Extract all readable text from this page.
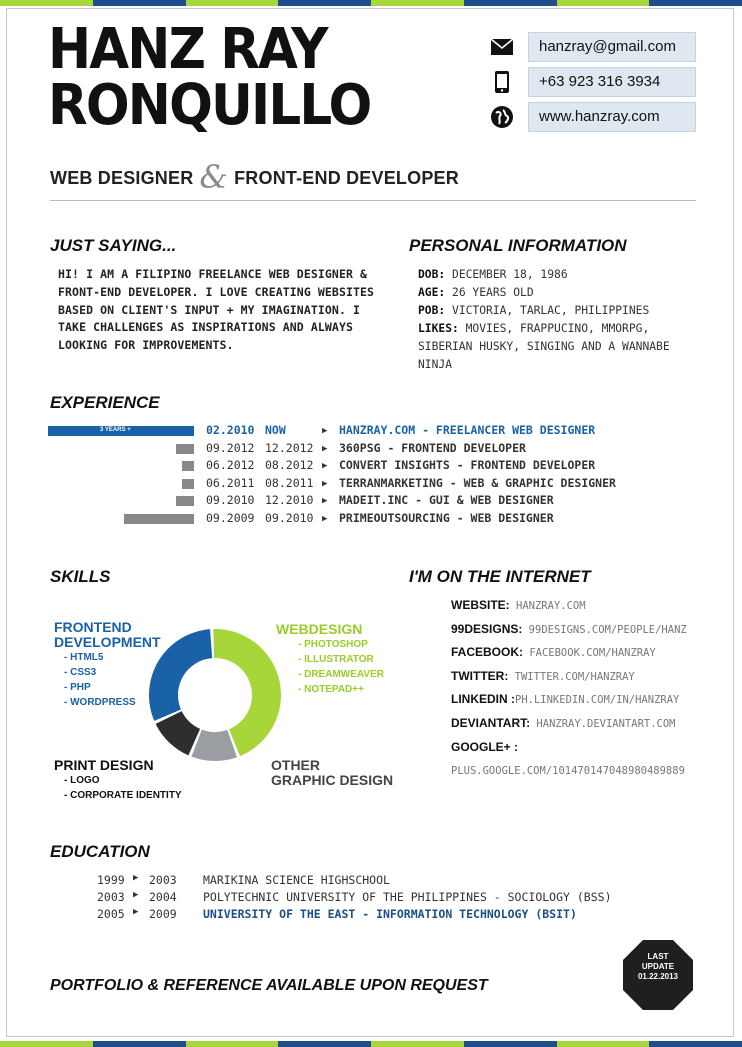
HANZ RAY
RONQUILLO
WEB DESIGNER & FRONT-END DEVELOPER
hanzray@gmail.com
+63 923 316 3934
www.hanzray.com
JUST SAYING...
HI! I AM A FILIPINO FREELANCE WEB DESIGNER &
FRONT-END DEVELOPER. I LOVE CREATING WEBSITES
BASED ON CLIENT'S INPUT + MY IMAGINATION. I
TAKE CHALLENGES AS INSPIRATIONS AND ALWAYS
LOOKING FOR IMPROVEMENTS.
PERSONAL INFORMATION
DOB: DECEMBER 18, 1986
AGE: 26 YEARS OLD
POB: VICTORIA, TARLAC, PHILIPPINES
LIKES: MOVIES, FRAPPUCINO, MMORPG,
SIBERIAN HUSKY, SINGING AND A WANNABE
NINJA
EXPERIENCE
3 YEARS +	02.2010 NOW	▶ HANZRAY.COM - FREELANCER WEB DESIGNER
09.2012 12.2012 ▶ 360PSG - FRONTEND DEVELOPER
06.2012 08.2012 ▶ CONVERT INSIGHTS - FRONTEND DEVELOPER
06.2011 08.2011 ▶ TERRANMARKETING - WEB & GRAPHIC DESIGNER
09.2010 12.2010 ▶ MADEIT.INC - GUI & WEB DESIGNER
09.2009 09.2010 ▶ PRIMEOUTSOURCING - WEB DESIGNER
SKILLS
FRONTEND
DEVELOPMENT
- HTML5
- CSS3
- PHP
- WORDPRESS
WEBDESIGN
- PHOTOSHOP
- ILLUSTRATOR
- DREAMWEAVER
- NOTEPAD++
PRINT DESIGN
- LOGO
- CORPORATE IDENTITY
OTHER
GRAPHIC DESIGN
I'M ON THE INTERNET
WEBSITE: HANZRAY.COM
99DESIGNS: 99DESIGNS.COM/PEOPLE/HANZ
FACEBOOK: FACEBOOK.COM/HANZRAY
TWITTER: TWITTER.COM/HANZRAY
LINKEDIN :PH.LINKEDIN.COM/IN/HANZRAY
DEVIANTART: HANZRAY.DEVIANTART.COM
GOOGLE+ :
PLUS.GOOGLE.COM/101470147048980489889
EDUCATION
1999 ▶ 2003 MARIKINA SCIENCE HIGHSCHOOL
2003 ▶ 2004 POLYTECHNIC UNIVERSITY OF THE PHILIPPINES - SOCIOLOGY (BSS)
2005 ▶ 2009 UNIVERSITY OF THE EAST - INFORMATION TECHNOLOGY (BSIT)
PORTFOLIO & REFERENCE AVAILABLE UPON REQUEST
LAST
UPDATE
01.22.2013
